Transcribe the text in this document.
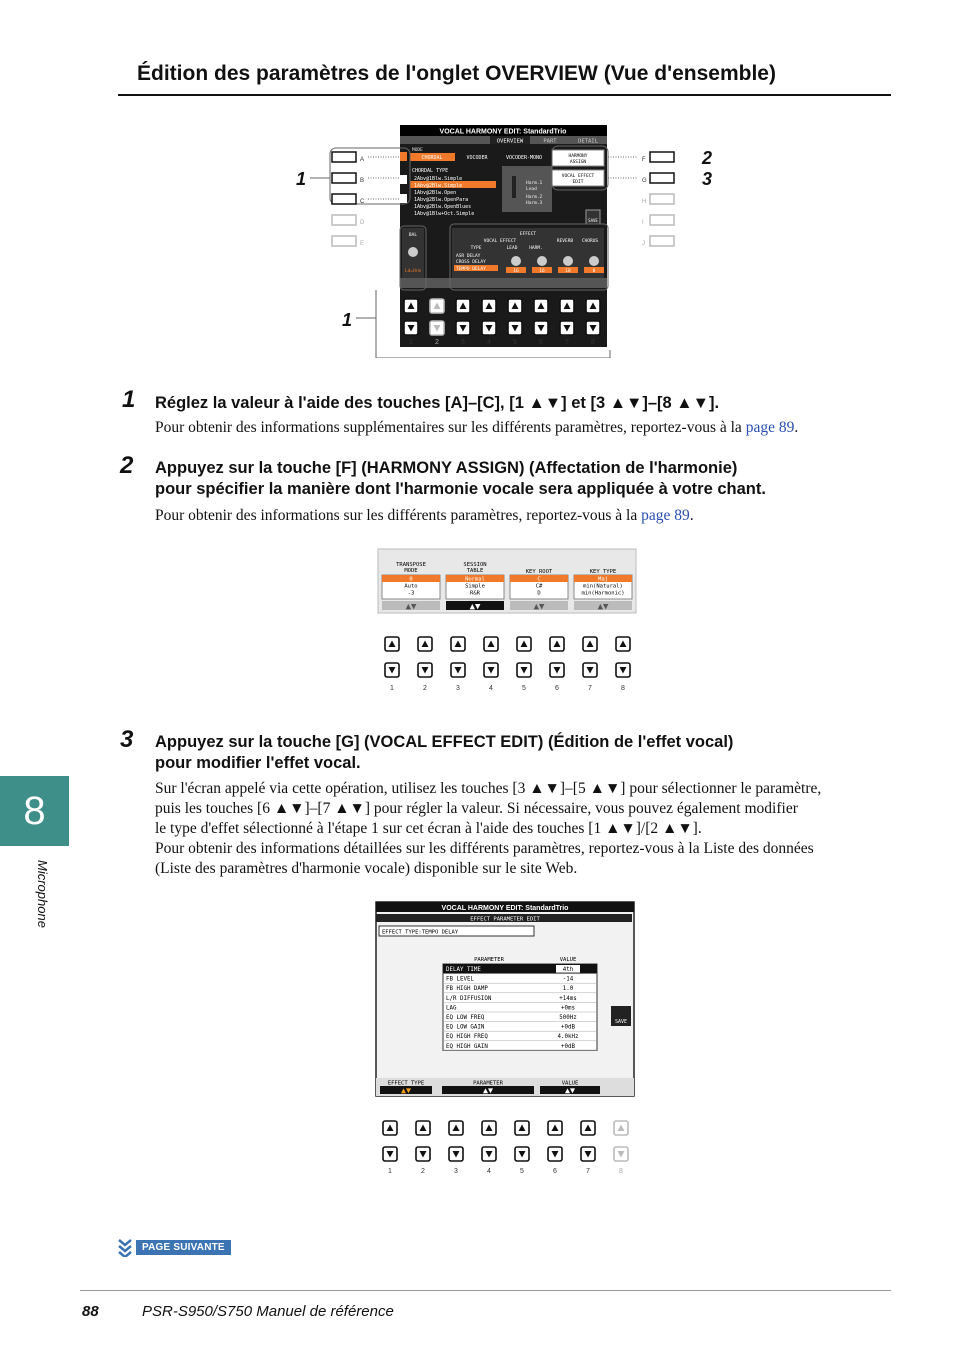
Édition des paramètres de l'onglet OVERVIEW (Vue d'ensemble)
VOCAL HARMONY EDIT: StandardTrio
OVERVIEW	PART	DETAIL
MODE
CHORDAL	VOCODER	VOCODER-MONO
CHORDAL TYPE
2Abv@1Blw.Simple
1Abv@2Blw.Simple
1Abv@2Blw.Open
1Abv@2Blw.OpenPara
1Abv@2Blw.OpenBlues
1Abv@1Blw+Oct.Simple
Harm.1
Lead
Harm.2
Harm.3
HARMONY
ASSIGN
VOCAL EFFECT
EDIT
SAVE
BAL
Ld=Hrm
EFFECT
VOCAL EFFECT
TYPE	LEAD	HARM.
REVERB CHORUS
ASR DELAY
CROSS DELAY
TEMPO DELAY	16	16	18	0
A
B
C
D
E
F
G
H
I
J
1
2
3
1
1	2	3	4	5	6	7	8
1 Réglez la valeur à l'aide des touches [A]–[C], [1 ▲▼] et [3 ▲▼]–[8 ▲▼].
Pour obtenir des informations supplémentaires sur les différents paramètres, reportez-vous à la page 89.
2 Appuyez sur la touche [F] (HARMONY ASSIGN) (Affectation de l'harmonie)
pour spécifier la manière dont l'harmonie vocale sera appliquée à votre chant.
Pour obtenir des informations sur les différents paramètres, reportez-vous à la page 89.
TRANSPOSE
MODE
0
Auto
-3
▲▼
SESSION
TABLE
Normal
Simple
R&R
▲▼
KEY ROOT
C
C#
D
▲▼
KEY TYPE
Maj
min(Natural)
min(Harmonic)
▲▼
1	2	3	4	5	6	7	8
3 Appuyez sur la touche [G] (VOCAL EFFECT EDIT) (Édition de l'effet vocal)
pour modifier l'effet vocal.
Sur l'écran appelé via cette opération, utilisez les touches [3 ▲▼]–[5 ▲▼] pour sélectionner le paramètre,
puis les touches [6 ▲▼]–[7 ▲▼] pour régler la valeur. Si nécessaire, vous pouvez également modifier
le type d'effet sélectionné à l'étape 1 sur cet écran à l'aide des touches [1 ▲▼]/[2 ▲▼].
Pour obtenir des informations détaillées sur les différents paramètres, reportez-vous à la Liste des données
(Liste des paramètres d'harmonie vocale) disponible sur le site Web.
VOCAL HARMONY EDIT: StandardTrio
EFFECT PARAMETER EDIT
EFFECT TYPE:TEMPO DELAY
PARAMETER	VALUE
DELAY TIME	4th
FB LEVEL	-14
FB HIGH DAMP	1.0
L/R DIFFUSION	+14ms
LAG	+0ms
EQ LOW FREQ	500Hz
EQ LOW GAIN	+0dB
EQ HIGH FREQ	4.0kHz
EQ HIGH GAIN	+0dB
SAVE
EFFECT TYPE
▲▼
PARAMETER
▲▼
VALUE
▲▼
1	2	3	4	5	6	7	8
8
Microphone
PAGE SUIVANTE
88	PSR-S950/S750 Manuel de référence
